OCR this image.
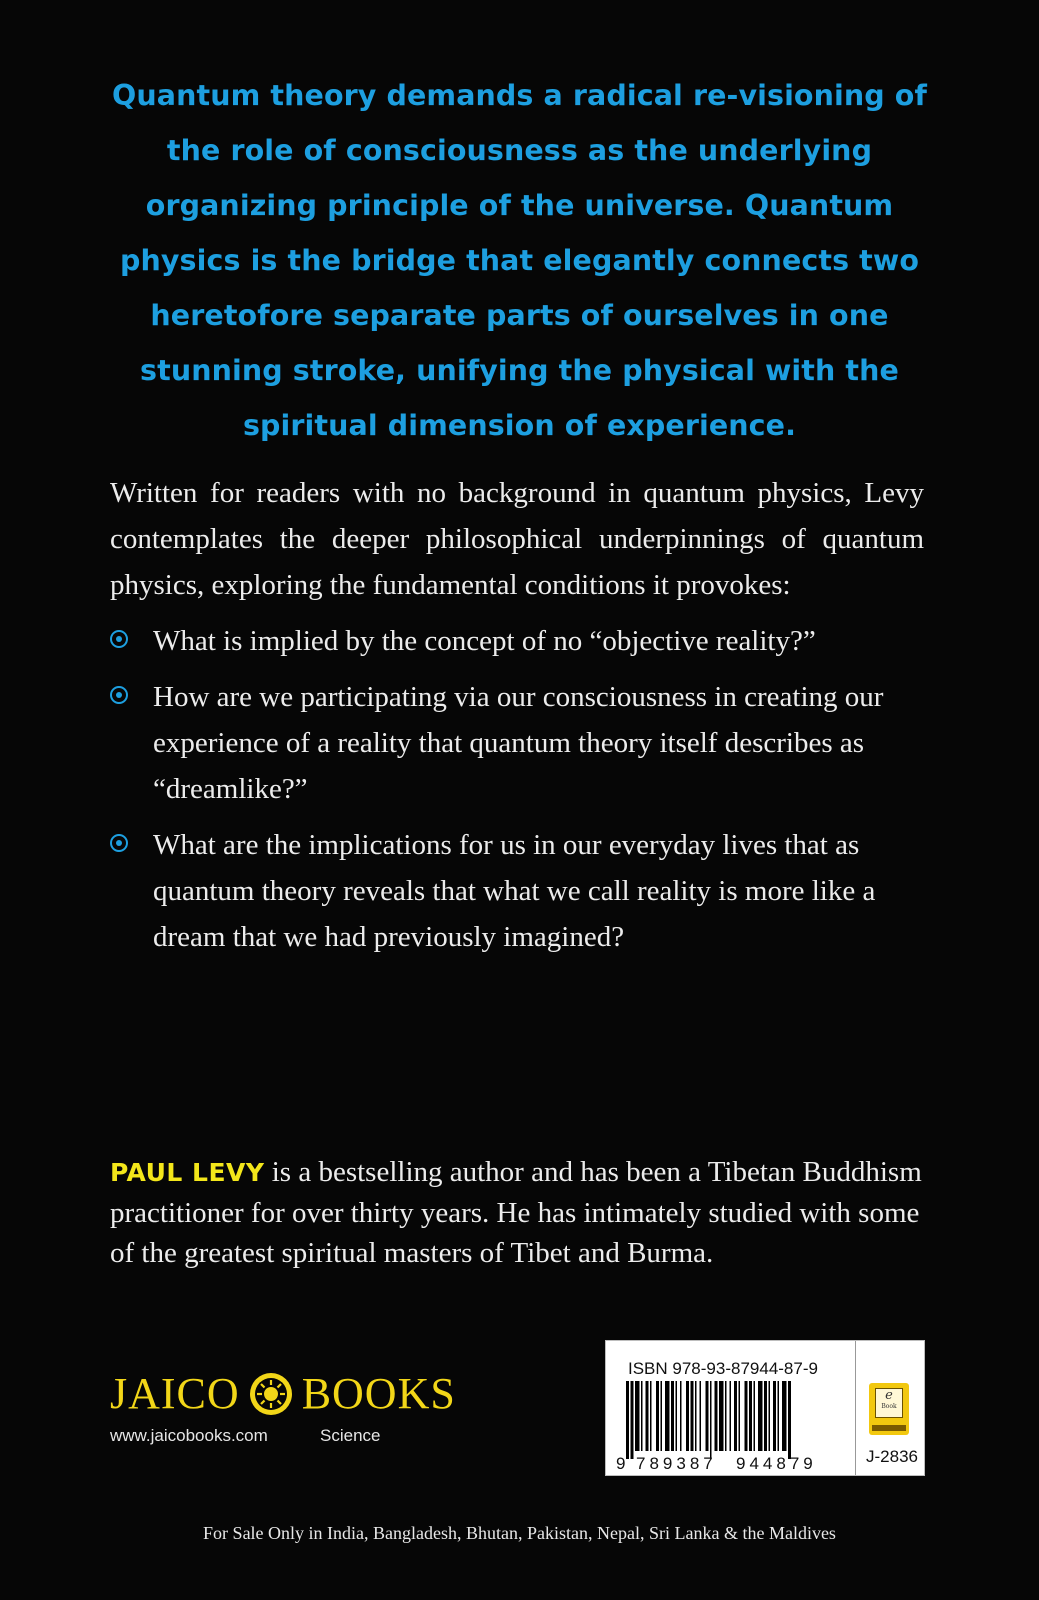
Quantum theory demands a radical re-visioning of the role of consciousness as the underlying organizing principle of the universe. Quantum physics is the bridge that elegantly connects two heretofore separate parts of ourselves in one stunning stroke, unifying the physical with the spiritual dimension of experience.

Written for readers with no background in quantum physics, Levy contemplates the deeper philosophical underpinnings of quantum physics, exploring the fundamental conditions it provokes:

What is implied by the concept of no “objective reality?”
How are we participating via our consciousness in creating our experience of a reality that quantum theory itself describes as “dreamlike?”
What are the implications for us in our everyday lives that as quantum theory reveals that what we call reality is more like a dream that we had previously imagined?

PAUL LEVY is a bestselling author and has been a Tibetan Buddhism practitioner for over thirty years. He has intimately studied with some of the greatest spiritual masters of Tibet and Burma.

JAICO BOOKS
www.jaicobooks.com	Science
ISBN 978-93-87944-87-9
9 789387 944879
e
Book
J-2836

For Sale Only in India, Bangladesh, Bhutan, Pakistan, Nepal, Sri Lanka & the Maldives
